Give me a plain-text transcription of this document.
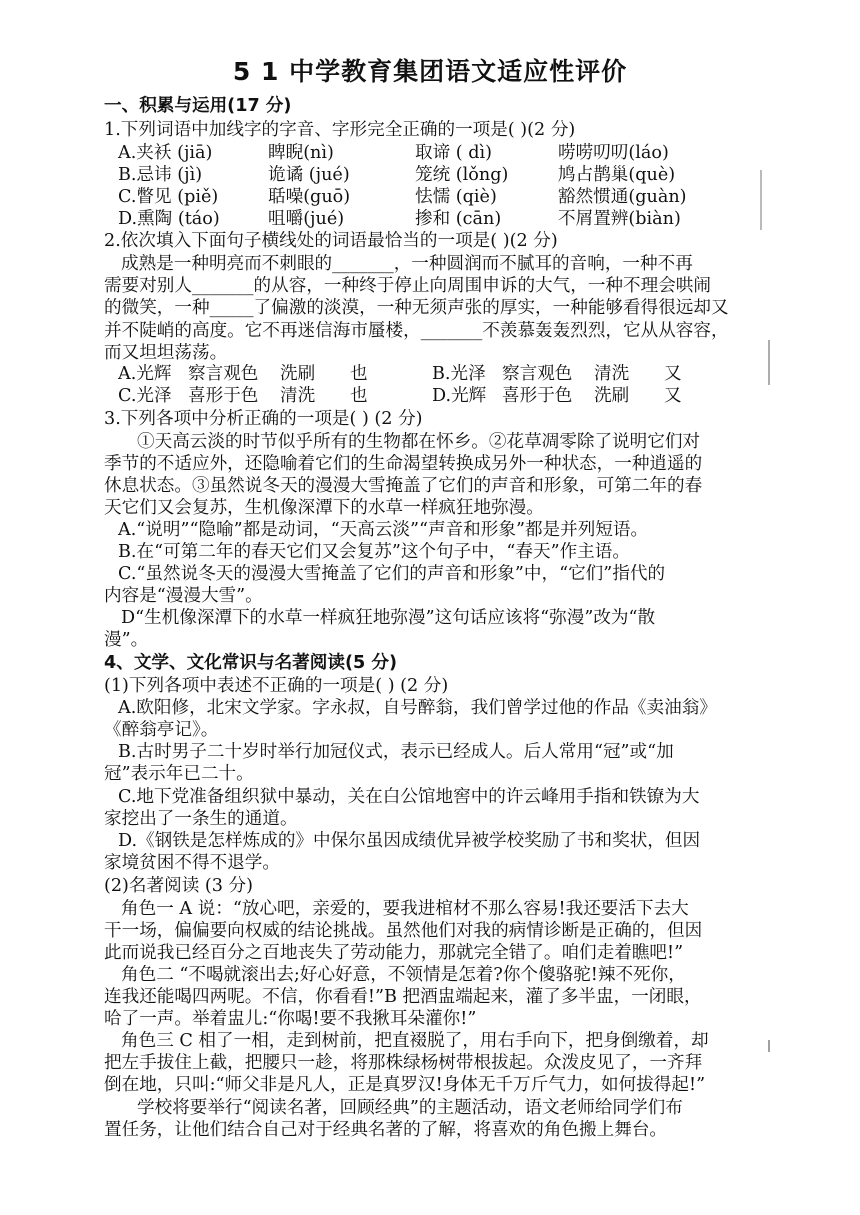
5 1 中学教育集团语文适应性评价
一、积累与运用(17 分)
1.下列词语中加线字的字音、字形完全正确的一项是( )(2 分)
A.夹袄 (jiā)	睥睨(nì)	取谛 ( dì)	唠唠叨叨(láo)
B.忌讳 (jì)	诡谲 (jué)	笼统 (lǒng)	鸠占鹊巢(què)
C.瞥见 (piě)	聒噪(guō)	怯懦 (qiè)	豁然惯通(guàn)
D.熏陶 (táo)	咀嚼(jué)	掺和 (cān)	不屑置辨(biàn)
2.依次填入下面句子横线处的词语最恰当的一项是( )(2 分)
成熟是一种明亮而不刺眼的_______，一种圆润而不腻耳的音响，一种不再
需要对别人_______的从容，一种终于停止向周围申诉的大气，一种不理会哄闹
的微笑，一种_____了偏激的淡漠，一种无须声张的厚实，一种能够看得很远却又
并不陡峭的高度。它不再迷信海市蜃楼，_______不羡慕轰轰烈烈，它从从容容，
而又坦坦荡荡。
A.光辉 察言观色 洗刷 也	B.光泽 察言观色 清洗 又
C.光泽 喜形于色 清洗 也	D.光辉 喜形于色 洗刷 又
3.下列各项中分析正确的一项是( ) (2 分)
①天高云淡的时节似乎所有的生物都在怀乡。②花草凋零除了说明它们对
季节的不适应外，还隐喻着它们的生命渴望转换成另外一种状态，一种逍遥的
休息状态。③虽然说冬天的漫漫大雪掩盖了它们的声音和形象，可第二年的春
天它们又会复苏，生机像深潭下的水草一样疯狂地弥漫。
A.“说明”“隐喻”都是动词，“天高云淡”“声音和形象”都是并列短语。
B.在“可第二年的春天它们又会复苏”这个句子中，“春天”作主语。
C.“虽然说冬天的漫漫大雪掩盖了它们的声音和形象”中，“它们”指代的
内容是“漫漫大雪”。
D“生机像深潭下的水草一样疯狂地弥漫”这句话应该将“弥漫”改为“散
漫”。
4、文学、文化常识与名著阅读(5 分)
(1)下列各项中表述不正确的一项是( ) (2 分)
A.欧阳修，北宋文学家。字永叔，自号醉翁，我们曾学过他的作品《卖油翁》
《醉翁亭记》。
B.古时男子二十岁时举行加冠仪式，表示已经成人。后人常用“冠”或“加
冠”表示年已二十。
C.地下党准备组织狱中暴动，关在白公馆地窖中的许云峰用手指和铁镣为大
家挖出了一条生的通道。
D.《钢铁是怎样炼成的》中保尔虽因成绩优异被学校奖励了书和奖状，但因
家境贫困不得不退学。
(2)名著阅读 (3 分)
角色一 A 说：“放心吧，亲爱的，要我进棺材不那么容易!我还要活下去大
干一场，偏偏要向权威的结论挑战。虽然他们对我的病情诊断是正确的，但因
此而说我已经百分之百地丧失了劳动能力，那就完全错了。咱们走着瞧吧!”
角色二 “不喝就滚出去;好心好意，不领情是怎着?你个傻骆驼!辣不死你，
连我还能喝四两呢。不信，你看看!”B 把酒盅端起来，灌了多半盅，一闭眼，
哈了一声。举着盅儿:“你喝!要不我揪耳朵灌你!”
角色三 C 相了一相，走到树前，把直裰脱了，用右手向下，把身倒缴着，却
把左手拔住上截，把腰只一趁，将那株绿杨树带根拔起。众泼皮见了，一齐拜
倒在地，只叫:“师父非是凡人，正是真罗汉!身体无千万斤气力，如何拔得起!”
学校将要举行“阅读名著，回顾经典”的主题活动，语文老师给同学们布
置任务，让他们结合自己对于经典名著的了解，将喜欢的角色搬上舞台。
